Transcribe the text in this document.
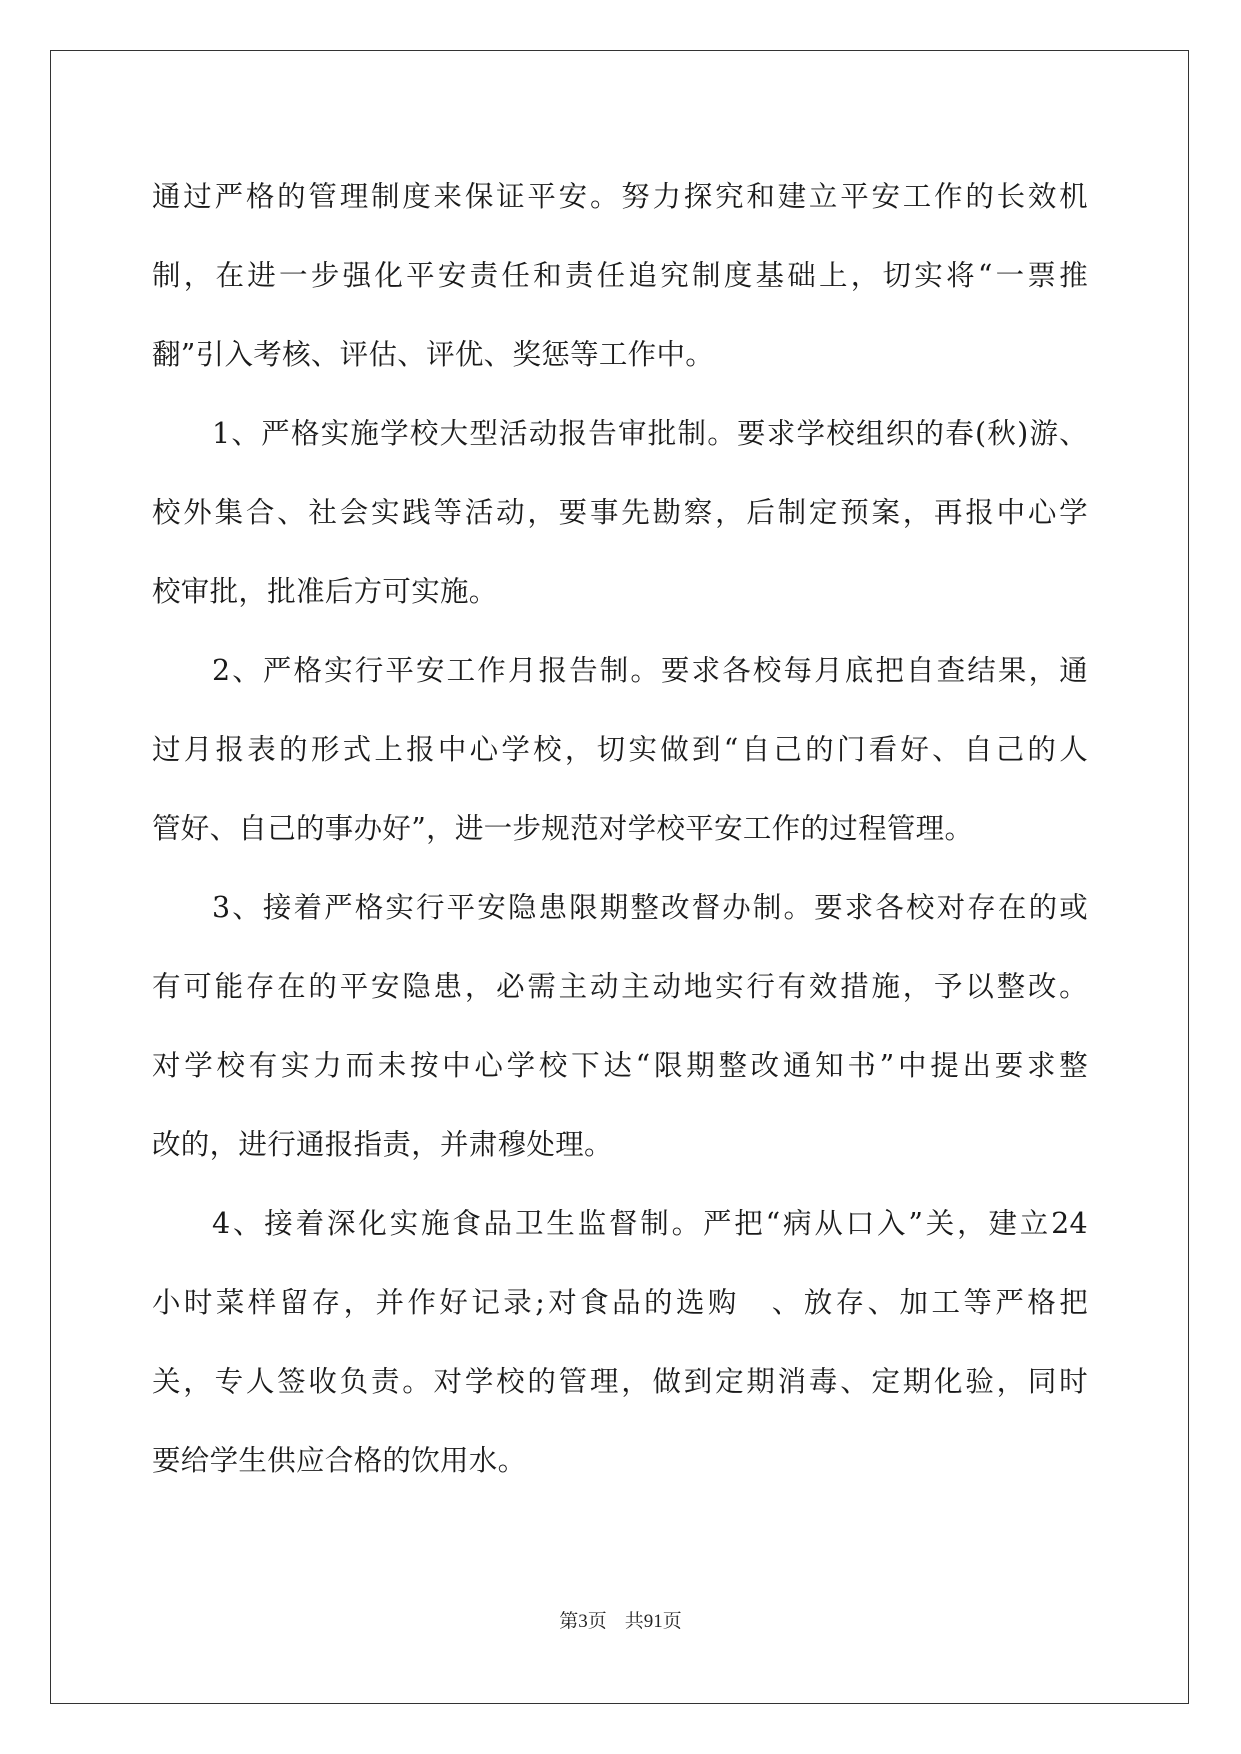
通过严格的管理制度来保证平安。努力探究和建立平安工作的长效机
制，在进一步强化平安责任和责任追究制度基础上，切实将“一票推
翻”引入考核、评估、评优、奖惩等工作中。
1、严格实施学校大型活动报告审批制。要求学校组织的春(秋)游、
校外集合、社会实践等活动，要事先勘察，后制定预案，再报中心学
校审批，批准后方可实施。
2、严格实行平安工作月报告制。要求各校每月底把自查结果，通
过月报表的形式上报中心学校，切实做到“自己的门看好、自己的人
管好、自己的事办好”，进一步规范对学校平安工作的过程管理。
3、接着严格实行平安隐患限期整改督办制。要求各校对存在的或
有可能存在的平安隐患，必需主动主动地实行有效措施，予以整改。
对学校有实力而未按中心学校下达“限期整改通知书”中提出要求整
改的，进行通报指责，并肃穆处理。
4、接着深化实施食品卫生监督制。严把“病从口入”关，建立24
小时菜样留存，并作好记录;对食品的选购　、放存、加工等严格把
关，专人签收负责。对学校的管理，做到定期消毒、定期化验，同时
要给学生供应合格的饮用水。
第3页 共91页
